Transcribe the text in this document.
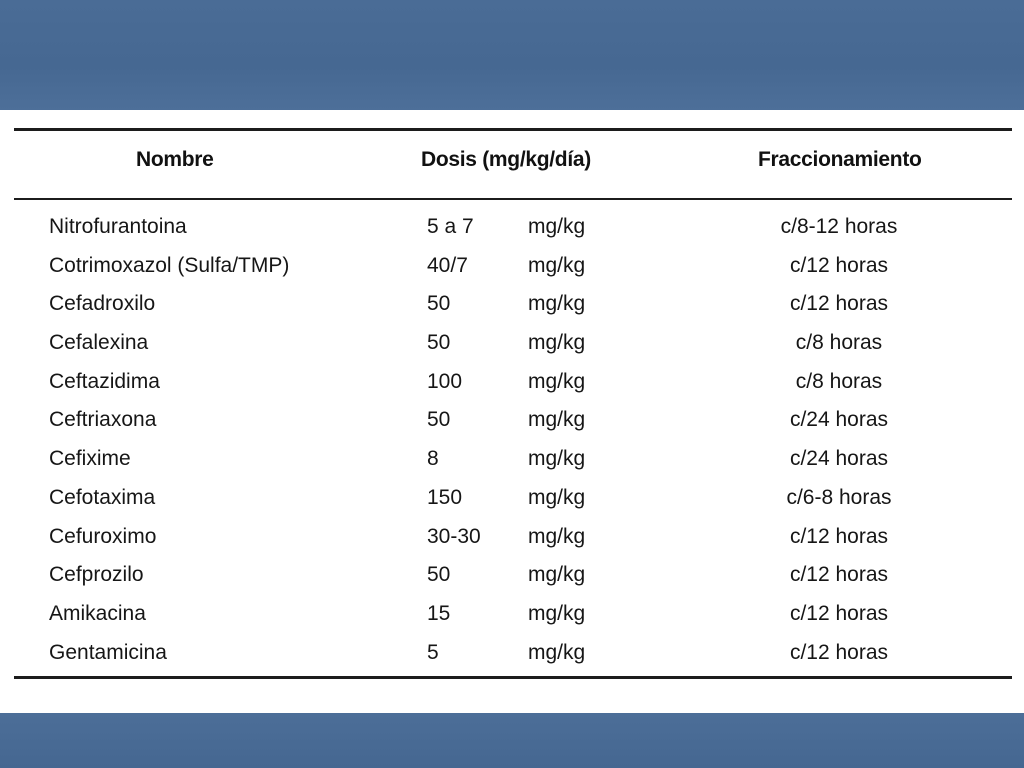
Nombre	Dosis (mg/kg/día)	Fraccionamiento
Nitrofurantoina	5 a 7	mg/kg	c/8-12 horas
Cotrimoxazol (Sulfa/TMP)	40/7	mg/kg	c/12 horas
Cefadroxilo	50	mg/kg	c/12 horas
Cefalexina	50	mg/kg	c/8 horas
Ceftazidima	100	mg/kg	c/8 horas
Ceftriaxona	50	mg/kg	c/24 horas
Cefixime	8	mg/kg	c/24 horas
Cefotaxima	150	mg/kg	c/6-8 horas
Cefuroximo	30-30 mg/kg	c/12 horas
Cefprozilo	50	mg/kg	c/12 horas
Amikacina	15	mg/kg	c/12 horas
Gentamicina	5	mg/kg	c/12 horas
